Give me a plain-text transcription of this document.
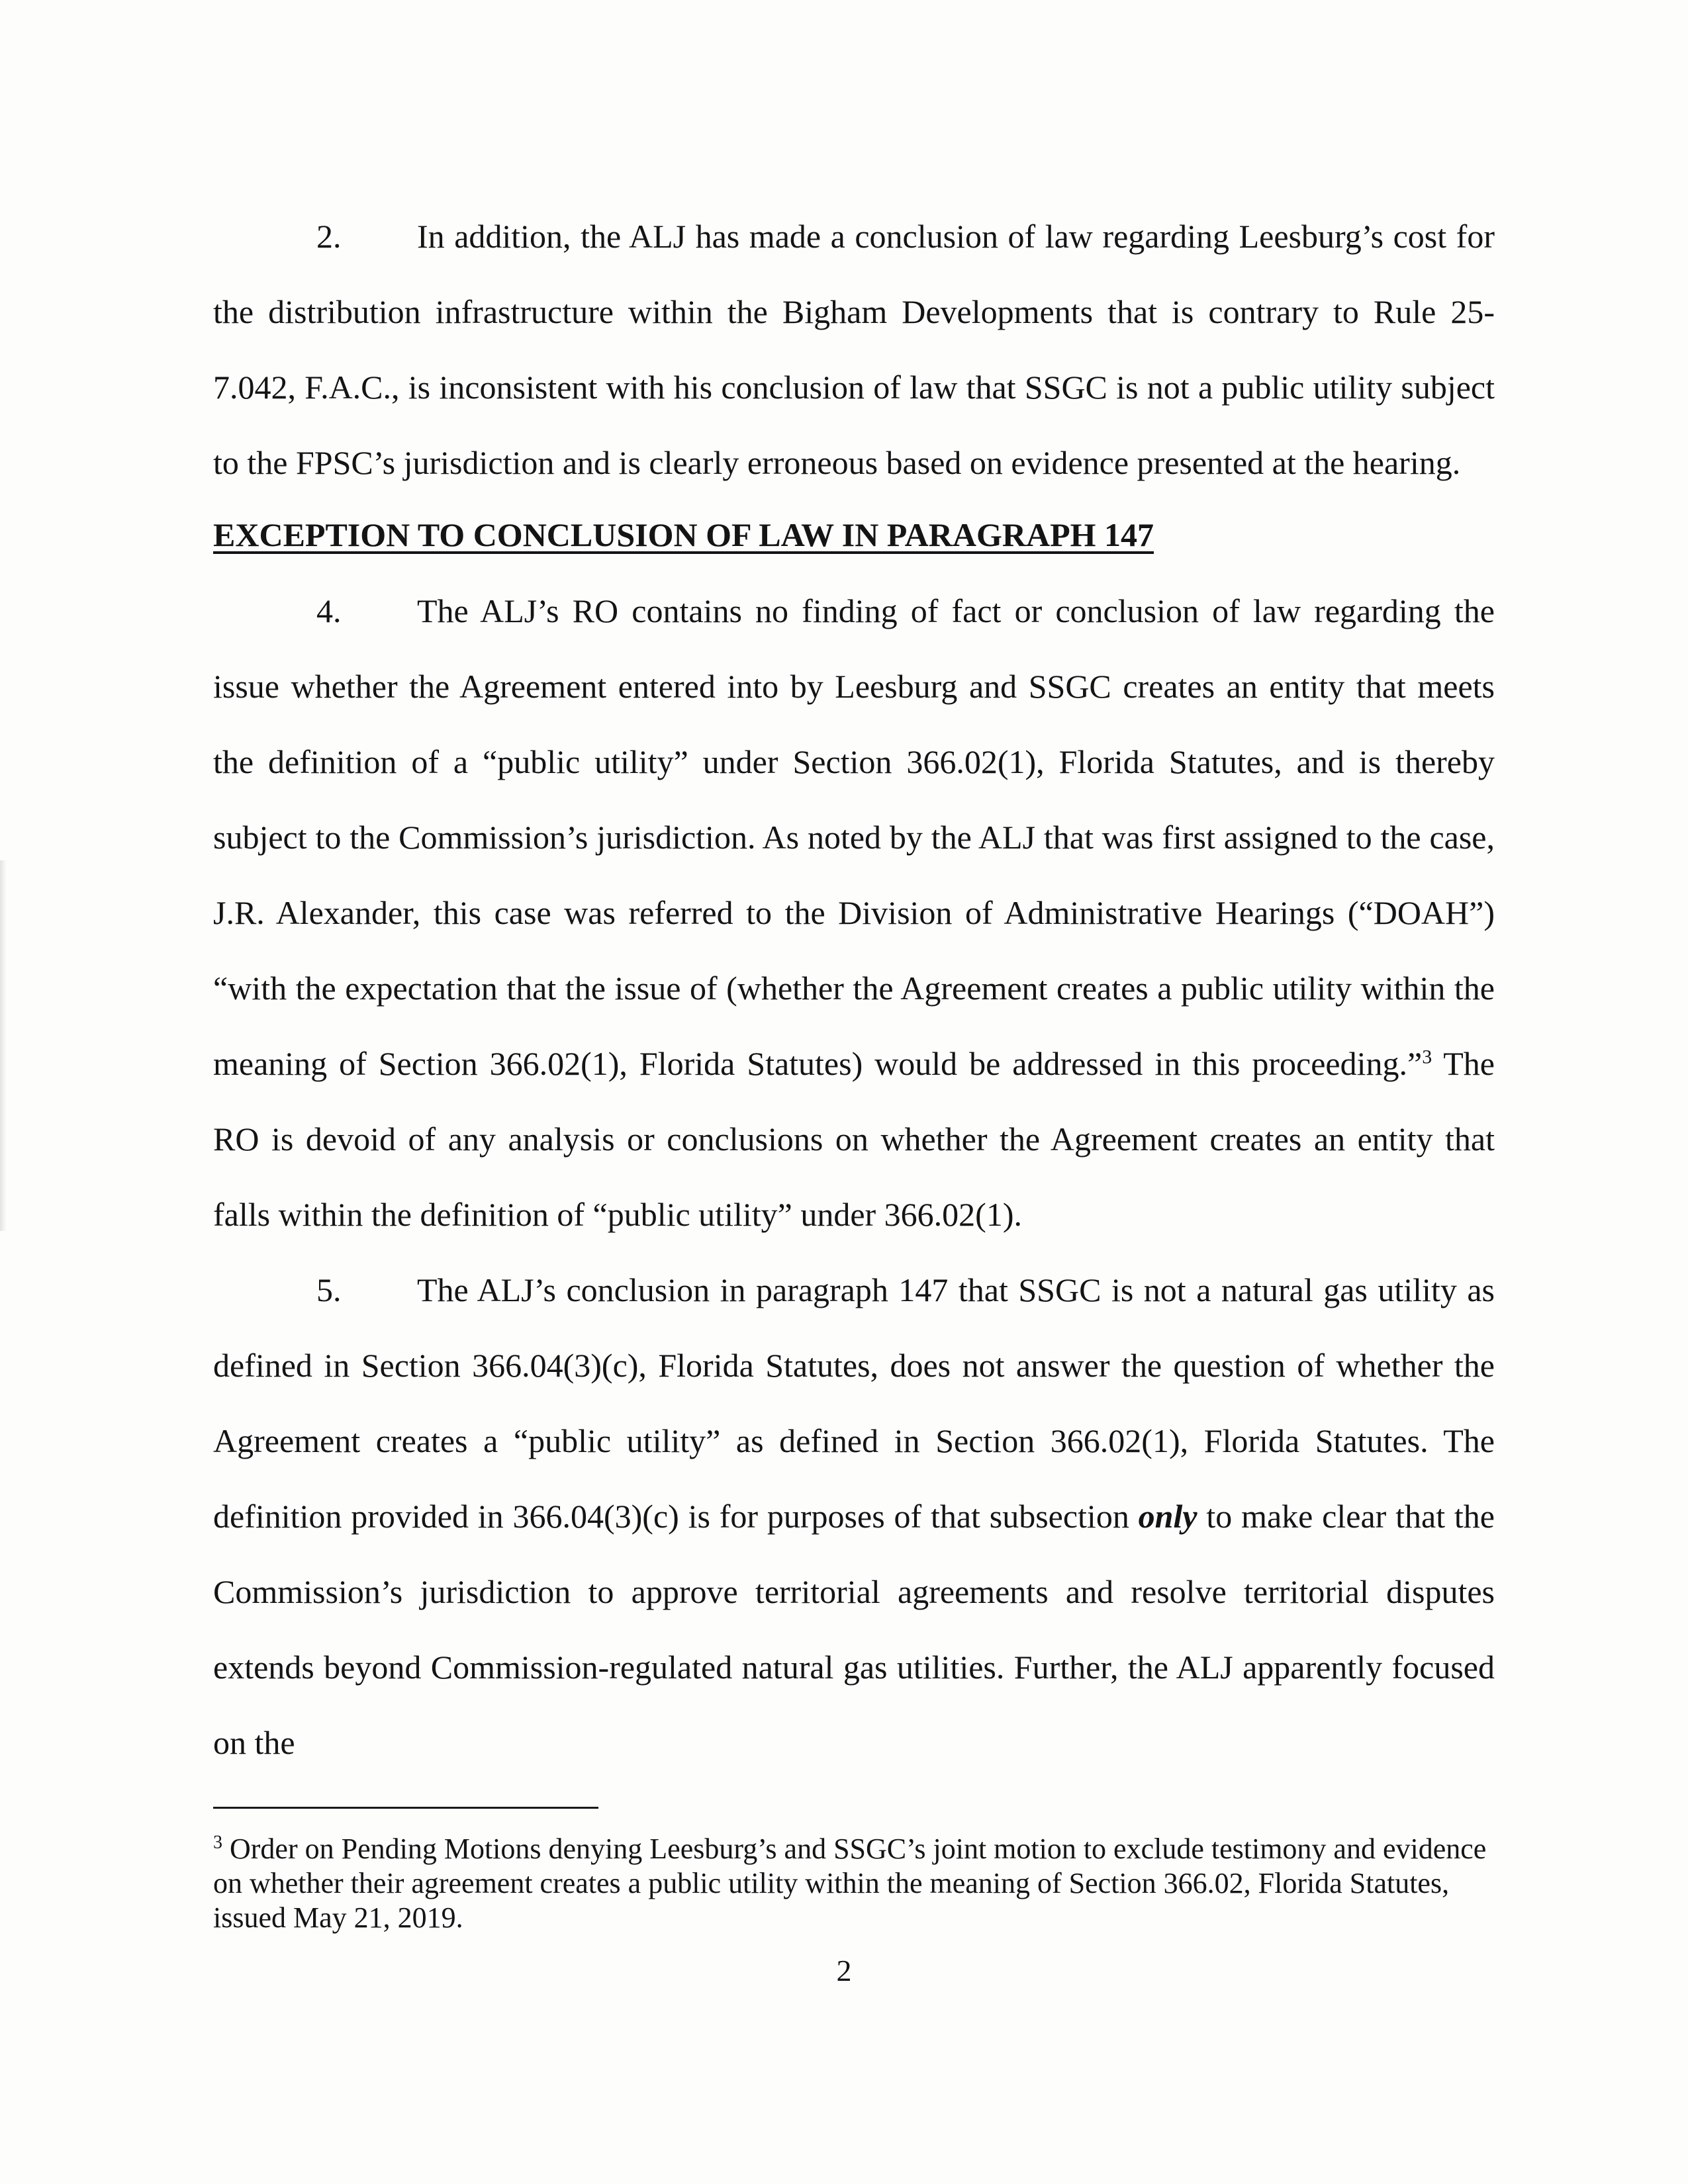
2. In addition, the ALJ has made a conclusion of law regarding Leesburg’s cost for the distribution infrastructure within the Bigham Developments that is contrary to Rule 25-7.042, F.A.C., is inconsistent with his conclusion of law that SSGC is not a public utility subject to the FPSC’s jurisdiction and is clearly erroneous based on evidence presented at the hearing.

EXCEPTION TO CONCLUSION OF LAW IN PARAGRAPH 147

4. The ALJ’s RO contains no finding of fact or conclusion of law regarding the issue whether the Agreement entered into by Leesburg and SSGC creates an entity that meets the definition of a “public utility” under Section 366.02(1), Florida Statutes, and is thereby subject to the Commission’s jurisdiction. As noted by the ALJ that was first assigned to the case, J.R. Alexander, this case was referred to the Division of Administrative Hearings (“DOAH”) “with the expectation that the issue of (whether the Agreement creates a public utility within the meaning of Section 366.02(1), Florida Statutes) would be addressed in this proceeding.”$^3$ The RO is devoid of any analysis or conclusions on whether the Agreement creates an entity that falls within the definition of “public utility” under 366.02(1).

5. The ALJ’s conclusion in paragraph 147 that SSGC is not a natural gas utility as defined in Section 366.04(3)(c), Florida Statutes, does not answer the question of whether the Agreement creates a “public utility” as defined in Section 366.02(1), Florida Statutes. The definition provided in 366.04(3)(c) is for purposes of that subsection only to make clear that the Commission’s jurisdiction to approve territorial agreements and resolve territorial disputes extends beyond Commission-regulated natural gas utilities. Further, the ALJ apparently focused on the

$^3$ Order on Pending Motions denying Leesburg’s and SSGC’s joint motion to exclude testimony and evidence on whether their agreement creates a public utility within the meaning of Section 366.02, Florida Statutes, issued May 21, 2019.

2
